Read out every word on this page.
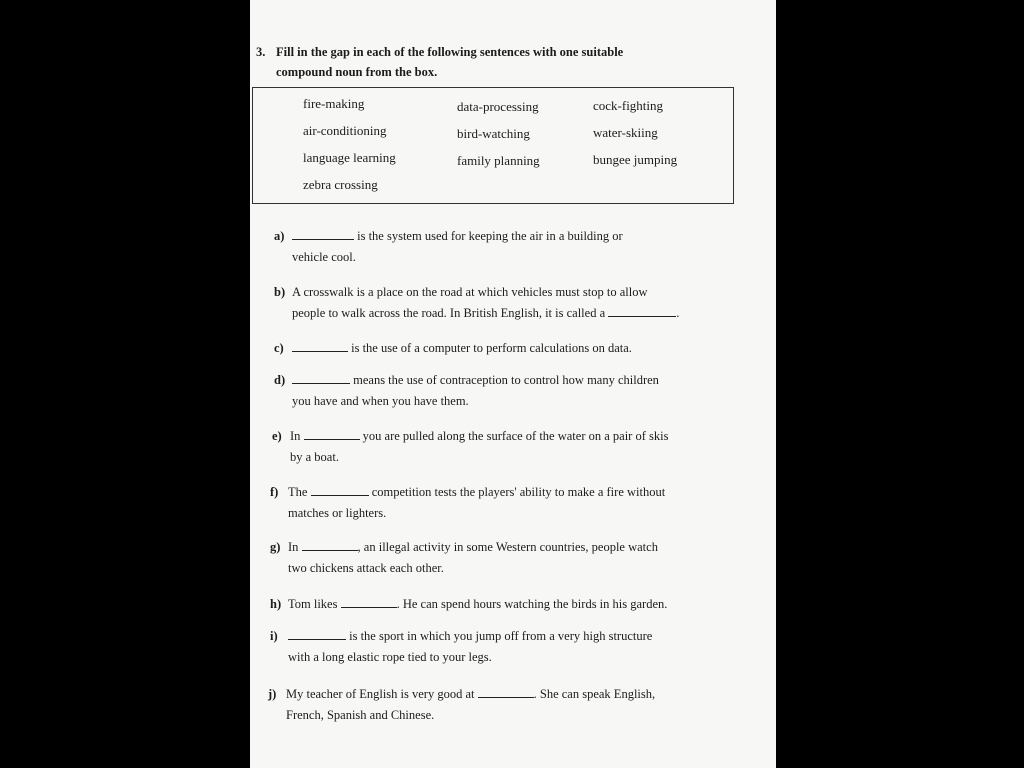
3. Fill in the gap in each of the following sentences with one suitable
compound noun from the box.
fire-making	data-processing	cock-fighting
air-conditioning	bird-watching	water-skiing
language learning	family planning	bungee jumping
zebra crossing
a)	is the system used for keeping the air in a building or
vehicle cool.
b) A crosswalk is a place on the road at which vehicles must stop to allow
people to walk across the road. In British English, it is called a	.
c)	is the use of a computer to perform calculations on data.
d)	means the use of contraception to control how many children
you have and when you have them.
e) In	you are pulled along the surface of the water on a pair of skis
by a boat.
f) The	competition tests the players' ability to make a fire without
matches or lighters.
g) In	, an illegal activity in some Western countries, people watch
two chickens attack each other.
h) Tom likes	. He can spend hours watching the birds in his garden.
i)	is the sport in which you jump off from a very high structure
with a long elastic rope tied to your legs.
j) My teacher of English is very good at	. She can speak English,
French, Spanish and Chinese.
